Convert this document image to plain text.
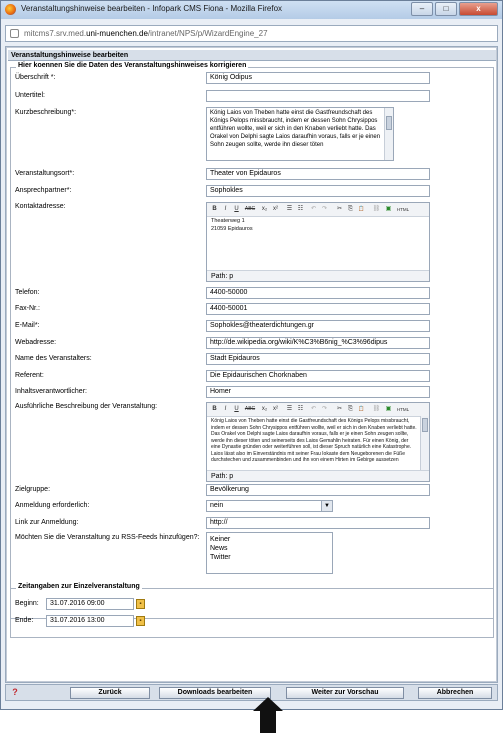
Veranstaltungshinweise bearbeiten - Infopark CMS Fiona - Mozilla Firefox	–	□	x
mitcms7.srv.med.uni-muenchen.de/intranet/NPS/p/WizardEngine_27
Veranstaltungshinweise bearbeiten
Hier koennen Sie die Daten des Veranstaltungshinweises korrigieren
Überschrift *:	König Ödipus
Untertitel:
Kurzbeschreibung*:	König Laios von Theben hatte einst die Gastfreundschaft des Königs Pelops missbraucht, indem er dessen Sohn Chrysippos entführen wollte, weil er sich in den Knaben verliebt hatte. Das Orakel von Delphi sagte Laios daraufhin voraus, falls er je einen Sohn zeugen sollte, werde ihn dieser töten
Veranstaltungsort*:	Theater von Epidauros
Ansprechpartner*:	Sophokles
Kontaktadresse:	B	I	U	ABC	x₂ x²	☰ ☷	↶ ↷	✂	⎘	📋 ⛓ ▣	HTML
Theaterweg 1
21059 Epidauros
Path: p
Telefon:	4400-50000
Fax-Nr.:	4400-50001
E-Mail*:	Sophokles@theaterdichtungen.gr
Webadresse:	http://de.wikipedia.org/wiki/K%C3%B6nig_%C3%96dipus
Name des Veranstalters:	Stadt Epidauros
Referent:	Die Epidaurischen Chorknaben
Inhaltsverantwortlicher:	Homer
Ausführliche Beschreibung der Veranstaltung:	B	I	U	ABC	x₂ x²	☰ ☷	↶ ↷	✂	⎘	📋 ⛓ ▣	HTML
König Laios von Theben hatte einst die Gastfreundschaft des Königs Pelops missbraucht, indem er dessen Sohn Chrysippos entführen wollte, weil er sich in den Knaben verliebt hatte. Das Orakel von Delphi sagte Laios daraufhin voraus, falls er je einen Sohn zeugen sollte, werde ihn dieser töten und seinerseits des Laios Gemahlin heiraten. Für einen König, der eine Dynastie gründen oder weiterführen soll, ist dieser Spruch natürlich eine Katastrophe. Laios lässt also im Einverständnis mit seiner Frau Iokaste dem Neugeborenen die Füße durchstechen und zusammenbinden und ihn von einem Hirten im Gebirge aussetzen
Path: p
Zielgruppe:	Bevölkerung
Anmeldung erforderlich:	nein	▼
Link zur Anmeldung:	http://
Möchten Sie die Veranstaltung zu RSS-Feeds hinzufügen?: Keiner
News
Twitter
Zeitangaben zur Einzelveranstaltung
Beginn:	31.07.2016 09:00	▪
Ende:	31.07.2016 13:00	▪
?	Zurück	Downloads bearbeiten	Weiter zur Vorschau	Abbrechen
